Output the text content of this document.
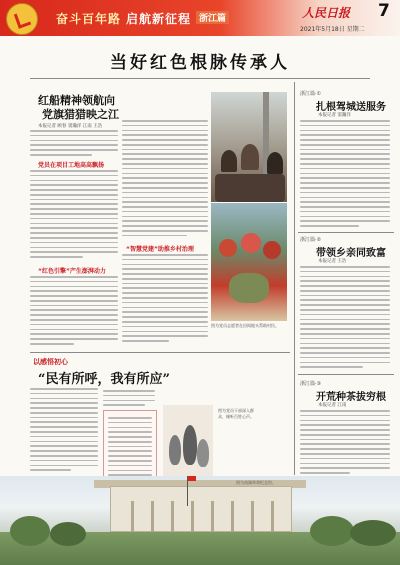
奋斗百年路 启航新征程 浙江篇	人民日报 7
2021年5月18日 星期二
当好红色根脉传承人
红船精神领航向
党旗猎猎映之江
本报记者 顾春 窦瀚洋 江南 王浩
党员在项目工地高高飘扬
“红色引擎”产生澎湃动力
“智慧党建”助推乡村治理
图为党员志愿者在田间地头帮助村民。
浙江篇·①
扎根驾城送服务
本报记者 窦瀚洋
浙江篇·②
带领乡亲同致富
本报记者 王浩
浙江篇·③
开荒种茶拔穷根
本报记者 江南
以感悟初心
“民有所呼，我有所应”
图为党员干部深入群众，倾听百姓心声。
图为南湖革命纪念馆。
